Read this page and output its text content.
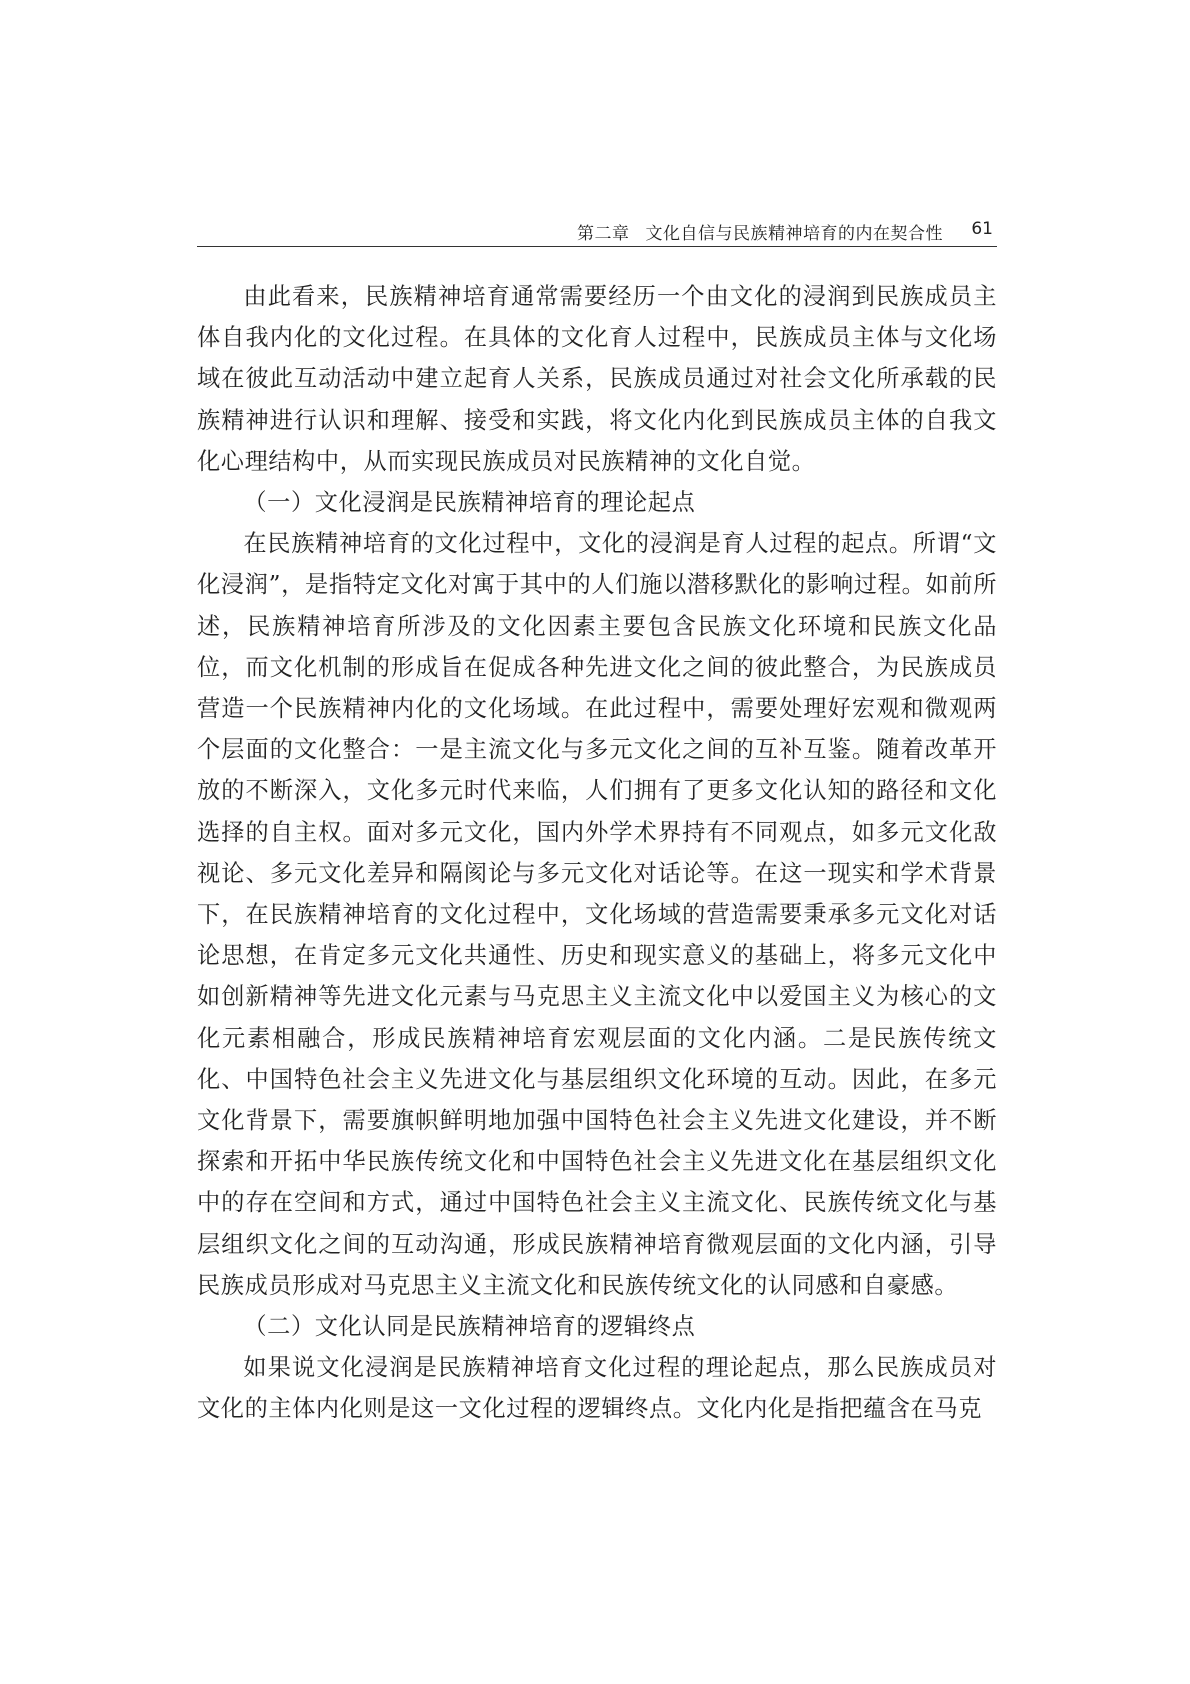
第二章 文化自信与民族精神培育的内在契合性 61

由此看来，民族精神培育通常需要经历一个由文化的浸润到民族成员主体自我内化的文化过程。在具体的文化育人过程中，民族成员主体与文化场域在彼此互动活动中建立起育人关系，民族成员通过对社会文化所承载的民族精神进行认识和理解、接受和实践，将文化内化到民族成员主体的自我文化心理结构中，从而实现民族成员对民族精神的文化自觉。

（一）文化浸润是民族精神培育的理论起点

在民族精神培育的文化过程中，文化的浸润是育人过程的起点。所谓“文化浸润”，是指特定文化对寓于其中的人们施以潜移默化的影响过程。如前所述，民族精神培育所涉及的文化因素主要包含民族文化环境和民族文化品位，而文化机制的形成旨在促成各种先进文化之间的彼此整合，为民族成员营造一个民族精神内化的文化场域。在此过程中，需要处理好宏观和微观两个层面的文化整合：一是主流文化与多元文化之间的互补互鉴。随着改革开放的不断深入，文化多元时代来临，人们拥有了更多文化认知的路径和文化选择的自主权。面对多元文化，国内外学术界持有不同观点，如多元文化敌视论、多元文化差异和隔阂论与多元文化对话论等。在这一现实和学术背景下，在民族精神培育的文化过程中，文化场域的营造需要秉承多元文化对话论思想，在肯定多元文化共通性、历史和现实意义的基础上，将多元文化中如创新精神等先进文化元素与马克思主义主流文化中以爱国主义为核心的文化元素相融合，形成民族精神培育宏观层面的文化内涵。二是民族传统文化、中国特色社会主义先进文化与基层组织文化环境的互动。因此，在多元文化背景下，需要旗帜鲜明地加强中国特色社会主义先进文化建设，并不断探索和开拓中华民族传统文化和中国特色社会主义先进文化在基层组织文化中的存在空间和方式，通过中国特色社会主义主流文化、民族传统文化与基层组织文化之间的互动沟通，形成民族精神培育微观层面的文化内涵，引导民族成员形成对马克思主义主流文化和民族传统文化的认同感和自豪感。

（二）文化认同是民族精神培育的逻辑终点

如果说文化浸润是民族精神培育文化过程的理论起点，那么民族成员对文化的主体内化则是这一文化过程的逻辑终点。文化内化是指把蕴含在马克
